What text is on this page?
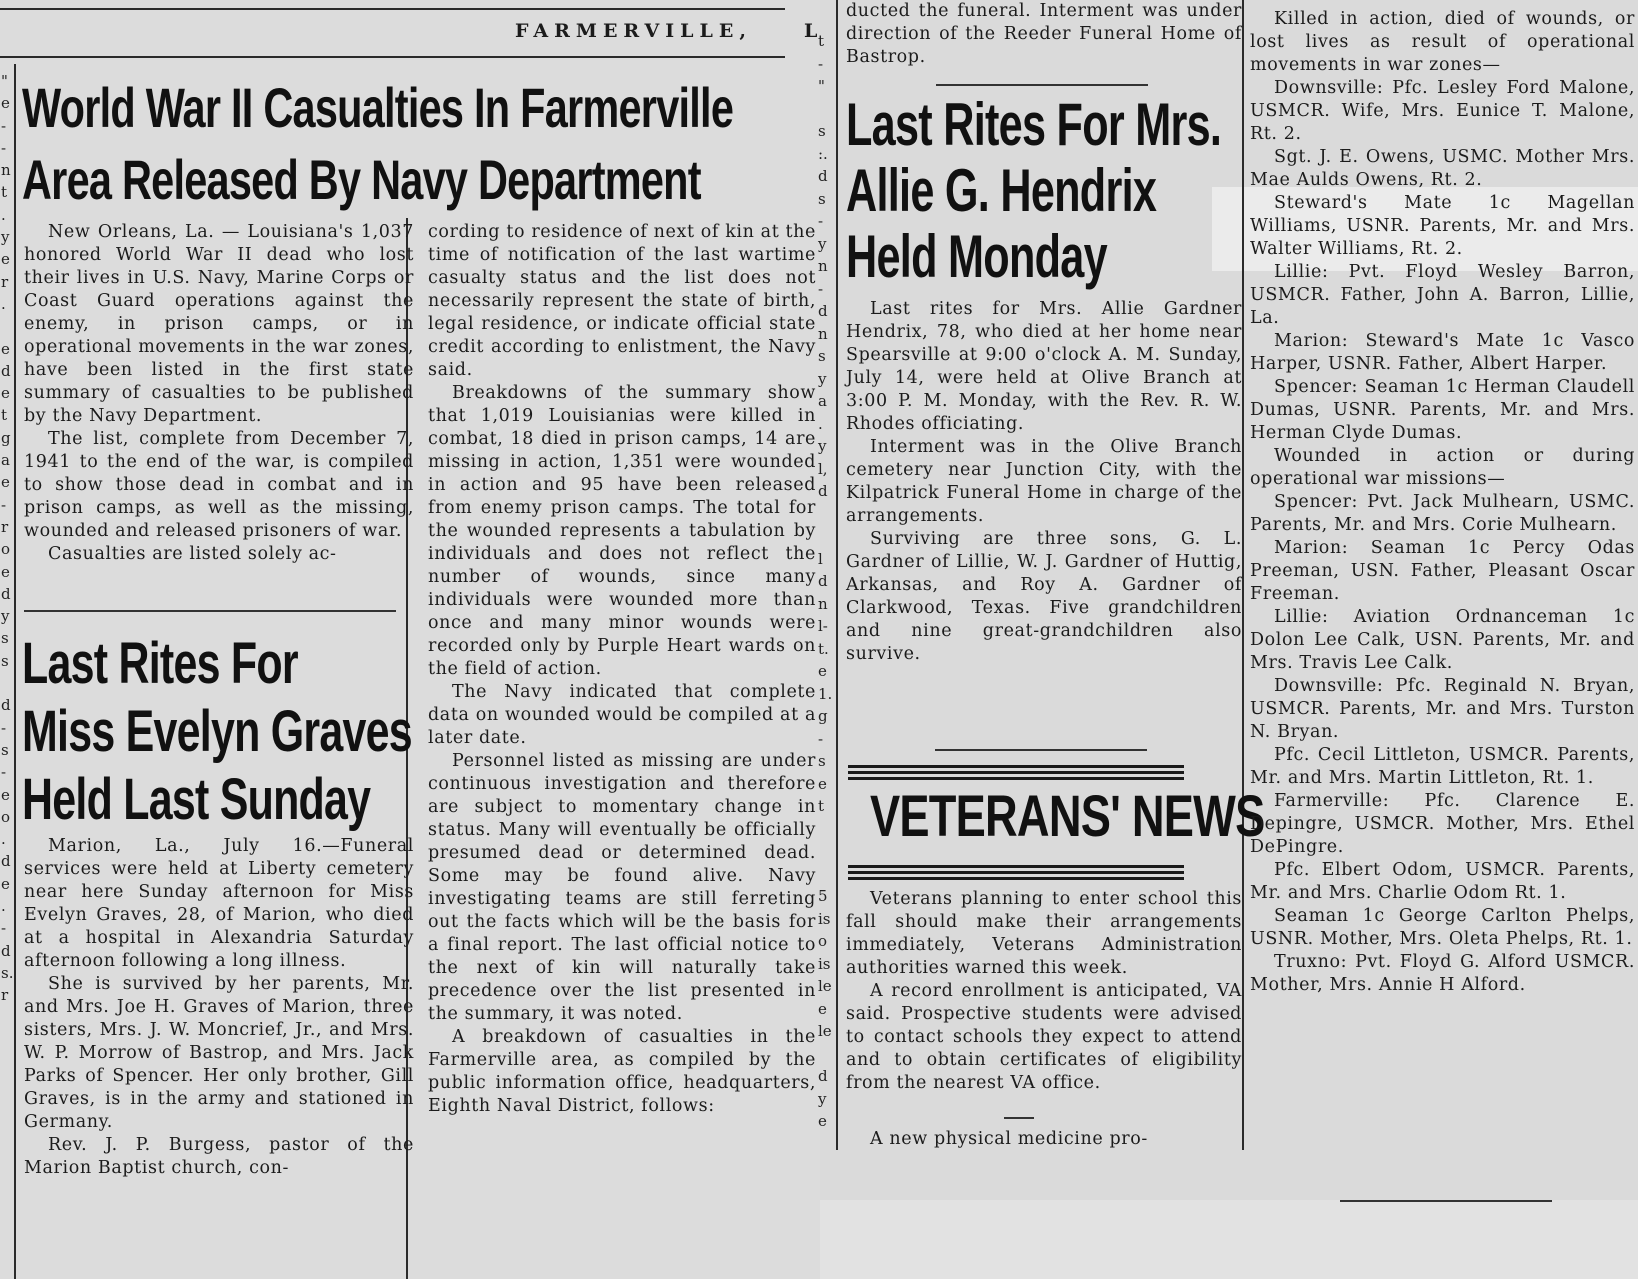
FARMERVILLE,	L
"
e
-
-
n
t
.
y
e
r
.

e
d
e
t
g
a
e
-
r
o
e
d
y
s
s

d
-
s
-
e
o
.
d
e
.
-
d
s.
r
t
-
"

s
:.
d
s
-
y
n
-
d
n
s
y
a
.
y
l,
d

l
d
n
l-
t.
e
1.
g
-
s
e
t

5
is
o
is
le
e
le

d
y
e
World War II Casualties In Farmerville
Area Released By Navy Department

New Orleans, La. — Louisiana's 1,037 honored World War II dead who lost their lives in U.S. Navy, Marine Corps or Coast Guard operations against the enemy, in prison camps, or in operational movements in the war zones, have been listed in the first state summary of casualties to be published by the Navy Department.

The list, complete from December 7, 1941 to the end of the war, is compiled to show those dead in combat and in prison camps, as well as the missing, wounded and released prisoners of war.

Casualties are listed solely ac-

Last Rites For
Miss Evelyn Graves
Held Last Sunday

Marion, La., July 16.—Funeral services were held at Liberty cemetery near here Sunday afternoon for Miss Evelyn Graves, 28, of Marion, who died at a hospital in Alexandria Saturday afternoon following a long illness.

She is survived by her parents, Mr. and Mrs. Joe H. Graves of Marion, three sisters, Mrs. J. W. Moncrief, Jr., and Mrs. W. P. Morrow of Bastrop, and Mrs. Jack Parks of Spencer. Her only brother, Gill Graves, is in the army and stationed in Germany.

Rev. J. P. Burgess, pastor of the Marion Baptist church, con-

cording to residence of next of kin at the time of notification of the last wartime casualty status and the list does not necessarily represent the state of birth, legal residence, or indicate official state credit according to enlistment, the Navy said.

Breakdowns of the summary show that 1,019 Louisianias were killed in combat, 18 died in prison camps, 14 are missing in action, 1,351 were wounded in action and 95 have been released from enemy prison camps. The total for the wounded represents a tabulation by individuals and does not reflect the number of wounds, since many individuals were wounded more than once and many minor wounds were recorded only by Purple Heart wards on the field of action.

The Navy indicated that complete data on wounded would be compiled at a later date.

Personnel listed as missing are under continuous investigation and therefore are subject to momentary change in status. Many will eventually be officially presumed dead or determined dead. Some may be found alive. Navy investigating teams are still ferreting out the facts which will be the basis for a final report. The last official notice to the next of kin will naturally take precedence over the list presented in the summary, it was noted.

A breakdown of casualties in the Farmerville area, as compiled by the public information office, headquarters, Eighth Naval District, follows:

ducted the funeral. Interment was under direction of the Reeder Funeral Home of Bastrop.

Last Rites For Mrs.
Allie G. Hendrix
Held Monday

Last rites for Mrs. Allie Gardner Hendrix, 78, who died at her home near Spearsville at 9:00 o'clock A. M. Sunday, July 14, were held at Olive Branch at 3:00 P. M. Monday, with the Rev. R. W. Rhodes officiating.

Interment was in the Olive Branch cemetery near Junction City, with the Kilpatrick Funeral Home in charge of the arrangements.

Surviving are three sons, G. L. Gardner of Lillie, W. J. Gardner of Huttig, Arkansas, and Roy A. Gardner of Clarkwood, Texas. Five grandchildren and nine great-grandchildren also survive.

VETERANS' NEWS

Veterans planning to enter school this fall should make their arrangements immediately, Veterans Administration authorities warned this week.

A record enrollment is anticipated, VA said. Prospective students were advised to contact schools they expect to attend and to obtain certificates of eligibility from the nearest VA office.

A new physical medicine pro-

Killed in action, died of wounds, or lost lives as result of operational movements in war zones—

Downsville: Pfc. Lesley Ford Malone, USMCR. Wife, Mrs. Eunice T. Malone, Rt. 2.

Sgt. J. E. Owens, USMC. Mother Mrs. Mae Aulds Owens, Rt. 2.

Steward's Mate 1c Magellan Williams, USNR. Parents, Mr. and Mrs. Walter Williams, Rt. 2.

Lillie: Pvt. Floyd Wesley Barron, USMCR. Father, John A. Barron, Lillie, La.

Marion: Steward's Mate 1c Vasco Harper, USNR. Father, Albert Harper.

Spencer: Seaman 1c Herman Claudell Dumas, USNR. Parents, Mr. and Mrs. Herman Clyde Dumas.

Wounded in action or during operational war missions—

Spencer: Pvt. Jack Mulhearn, USMC. Parents, Mr. and Mrs. Corie Mulhearn.

Marion: Seaman 1c Percy Odas Preeman, USN. Father, Pleasant Oscar Freeman.

Lillie: Aviation Ordnanceman 1c Dolon Lee Calk, USN. Parents, Mr. and Mrs. Travis Lee Calk.

Downsville: Pfc. Reginald N. Bryan, USMCR. Parents, Mr. and Mrs. Turston N. Bryan.

Pfc. Cecil Littleton, USMCR. Parents, Mr. and Mrs. Martin Littleton, Rt. 1.

Farmerville: Pfc. Clarence E. Depingre, USMCR. Mother, Mrs. Ethel DePingre.

Pfc. Elbert Odom, USMCR. Parents, Mr. and Mrs. Charlie Odom Rt. 1.

Seaman 1c George Carlton Phelps, USNR. Mother, Mrs. Oleta Phelps, Rt. 1.

Truxno: Pvt. Floyd G. Alford USMCR. Mother, Mrs. Annie H Alford.
